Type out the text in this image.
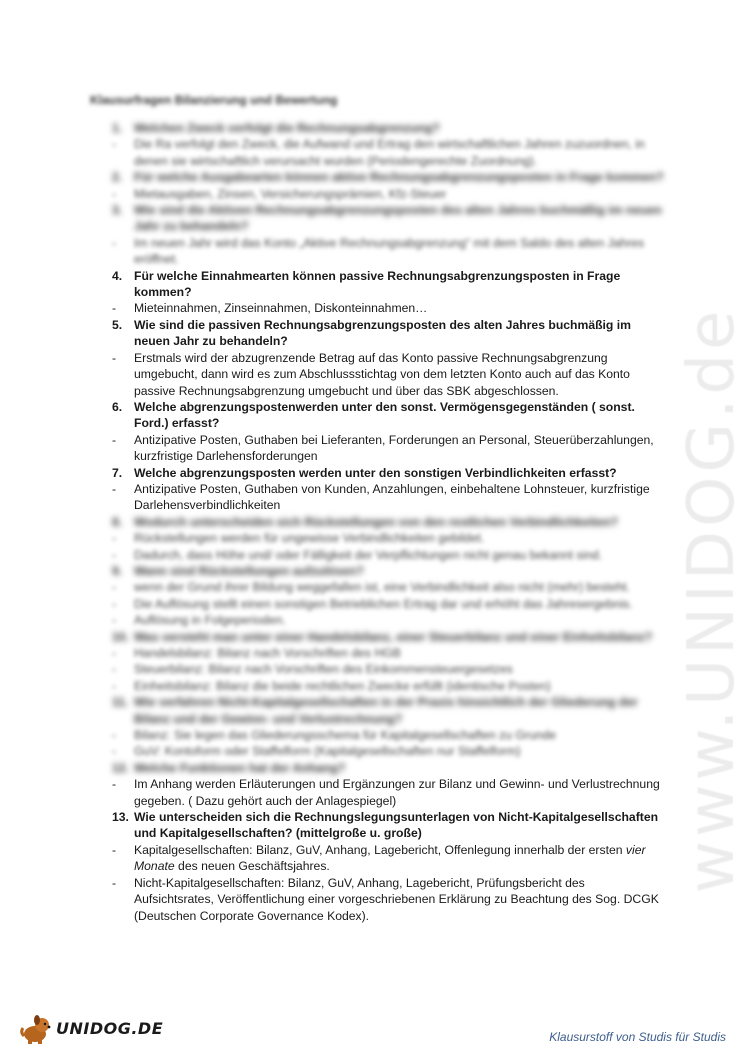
www.UNIDOG.de
Klausurfragen Bilanzierung und Bewertung
1. Welchen Zweck verfolgt die Rechnungsabgrenzung?
- Die Ra verfolgt den Zweck, die Aufwand und Ertrag den wirtschaftlichen Jahren zuzuordnen, in denen sie wirtschaftlich verursacht wurden (Periodengerechte Zuordnung).
2. Für welche Ausgabearten können aktive Rechnungsabgrenzungsposten in Frage kommen?
- Mietausgaben, Zinsen, Versicherungsprämien, Kfz-Steuer
3. Wie sind die Aktiven Rechnungsabgrenzungsposten des alten Jahres buchmäßig im neuen Jahr zu behandeln?
- Im neuen Jahr wird das Konto „Aktive Rechnungsabgrenzung“ mit dem Saldo des alten Jahres eröffnet.
4. Für welche Einnahmearten können passive Rechnungsabgrenzungsposten in Frage kommen?
- Mieteinnahmen, Zinseinnahmen, Diskonteinnahmen…
5. Wie sind die passiven Rechnungsabgrenzungsposten des alten Jahres buchmäßig im neuen Jahr zu behandeln?
- Erstmals wird der abzugrenzende Betrag auf das Konto passive Rechnungsabgrenzung umgebucht, dann wird es zum Abschlussstichtag von dem letzten Konto auch auf das Konto passive Rechnungsabgrenzung umgebucht und über das SBK abgeschlossen.
6. Welche abgrenzungspostenwerden unter den sonst. Vermögensgegenständen ( sonst. Ford.) erfasst?
- Antizipative Posten, Guthaben bei Lieferanten, Forderungen an Personal, Steuerüberzahlungen, kurzfristige Darlehensforderungen
7. Welche abgrenzungsposten werden unter den sonstigen Verbindlichkeiten erfasst?
- Antizipative Posten, Guthaben von Kunden, Anzahlungen, einbehaltene Lohnsteuer, kurzfristige Darlehensverbindlichkeiten
8. Wodurch unterscheiden sich Rückstellungen von den restlichen Verbindlichkeiten?
- Rückstellungen werden für ungewisse Verbindlichkeiten gebildet.
- Dadurch, dass Höhe und/ oder Fälligkeit der Verpflichtungen nicht genau bekannt sind.
9. Wann sind Rückstellungen aufzulösen?
- wenn der Grund ihrer Bildung weggefallen ist, eine Verbindlichkeit also nicht (mehr) besteht.
- Die Auflösung stellt einen sonstigen Betrieblichen Ertrag dar und erhöht das Jahresergebnis.
- Auflösung in Folgeperioden.
10. Was versteht man unter einer Handelsbilanz, einer Steuerbilanz und einer Einheitsbilanz?
- Handelsbilanz: Bilanz nach Vorschriften des HGB
- Steuerbilanz: Bilanz nach Vorschriften des Einkommensteuergesetzes
- Einheitsbilanz: Bilanz die beide rechtlichen Zwecke erfüllt (identische Posten)
11. Wie verfahren Nicht-Kapitalgesellschaften in der Praxis hinsichtlich der Gliederung der Bilanz und der Gewinn- und Verlustrechnung?
- Bilanz: Sie legen das Gliederungsschema für Kapitalgesellschaften zu Grunde
- GuV: Kontoform oder Staffelform (Kapitalgesellschaften nur Staffelform)
12. Welche Funktionen hat der Anhang?
- Im Anhang werden Erläuterungen und Ergänzungen zur Bilanz und Gewinn- und Verlustrechnung gegeben. ( Dazu gehört auch der Anlagespiegel)
13. Wie unterscheiden sich die Rechnungslegungsunterlagen von Nicht-Kapitalgesellschaften und Kapitalgesellschaften? (mittelgroße u. große)
- Kapitalgesellschaften: Bilanz, GuV, Anhang, Lagebericht, Offenlegung innerhalb der ersten vier Monate des neuen Geschäftsjahres.
- Nicht-Kapitalgesellschaften: Bilanz, GuV, Anhang, Lagebericht, Prüfungsbericht des Aufsichtsrates, Veröffentlichung einer vorgeschriebenen Erklärung zu Beachtung des Sog. DCGK (Deutschen Corporate Governance Kodex).
UNIDOG.DE	Klausurstoff von Studis für Studis
